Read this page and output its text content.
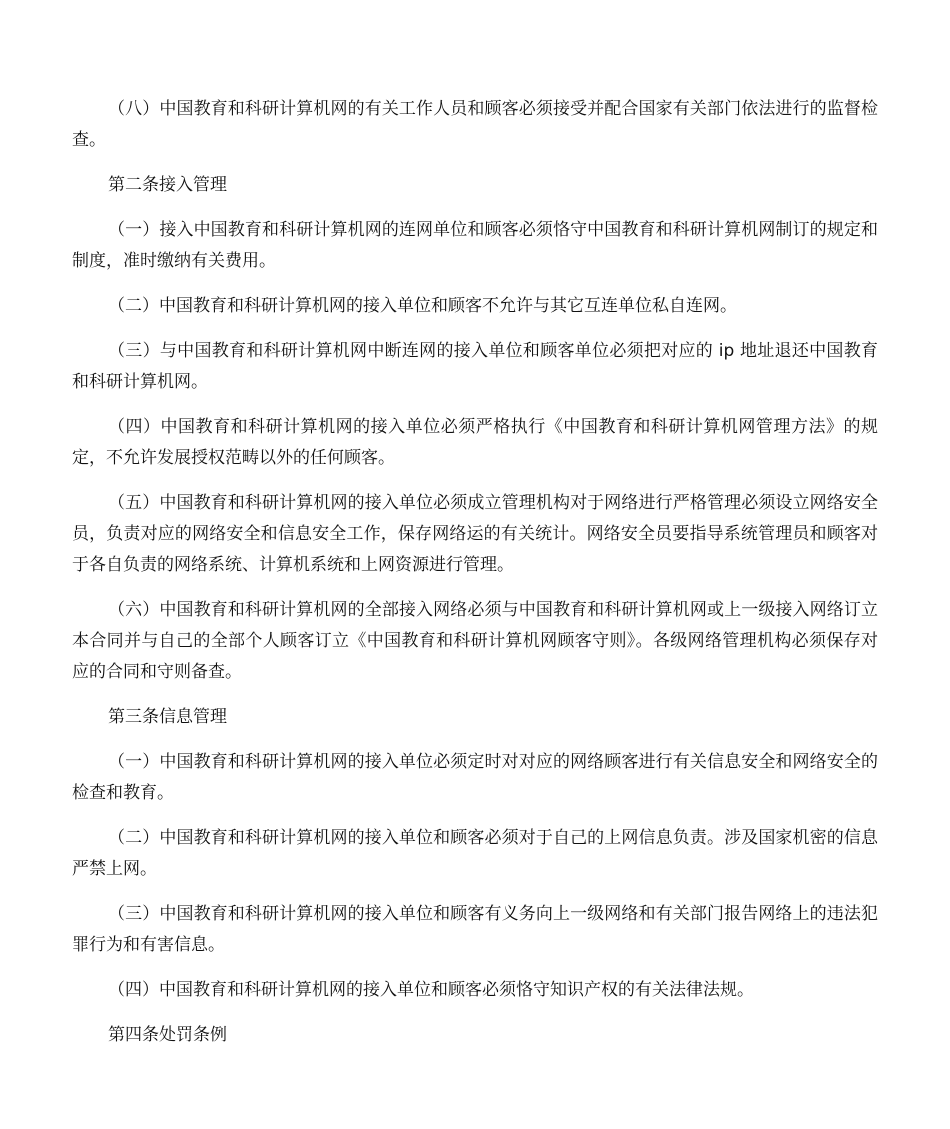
（八）中国教育和科研计算机网的有关工作人员和顾客必须接受并配合国家有关部门依法进行的监督检查。

第二条接入管理

（一）接入中国教育和科研计算机网的连网单位和顾客必须恪守中国教育和科研计算机网制订的规定和制度，准时缴纳有关费用。

（二）中国教育和科研计算机网的接入单位和顾客不允许与其它互连单位私自连网。

（三）与中国教育和科研计算机网中断连网的接入单位和顾客单位必须把对应的 ip 地址退还中国教育和科研计算机网。

（四）中国教育和科研计算机网的接入单位必须严格执行《中国教育和科研计算机网管理方法》的规定，不允许发展授权范畴以外的任何顾客。

（五）中国教育和科研计算机网的接入单位必须成立管理机构对于网络进行严格管理必须设立网络安全员，负责对应的网络安全和信息安全工作，保存网络运的有关统计。网络安全员要指导系统管理员和顾客对于各自负责的网络系统、计算机系统和上网资源进行管理。

（六）中国教育和科研计算机网的全部接入网络必须与中国教育和科研计算机网或上一级接入网络订立本合同并与自己的全部个人顾客订立《中国教育和科研计算机网顾客守则》。各级网络管理机构必须保存对应的合同和守则备查。

第三条信息管理

（一）中国教育和科研计算机网的接入单位必须定时对对应的网络顾客进行有关信息安全和网络安全的检查和教育。

（二）中国教育和科研计算机网的接入单位和顾客必须对于自己的上网信息负责。涉及国家机密的信息严禁上网。

（三）中国教育和科研计算机网的接入单位和顾客有义务向上一级网络和有关部门报告网络上的违法犯罪行为和有害信息。

（四）中国教育和科研计算机网的接入单位和顾客必须恪守知识产权的有关法律法规。

第四条处罚条例
